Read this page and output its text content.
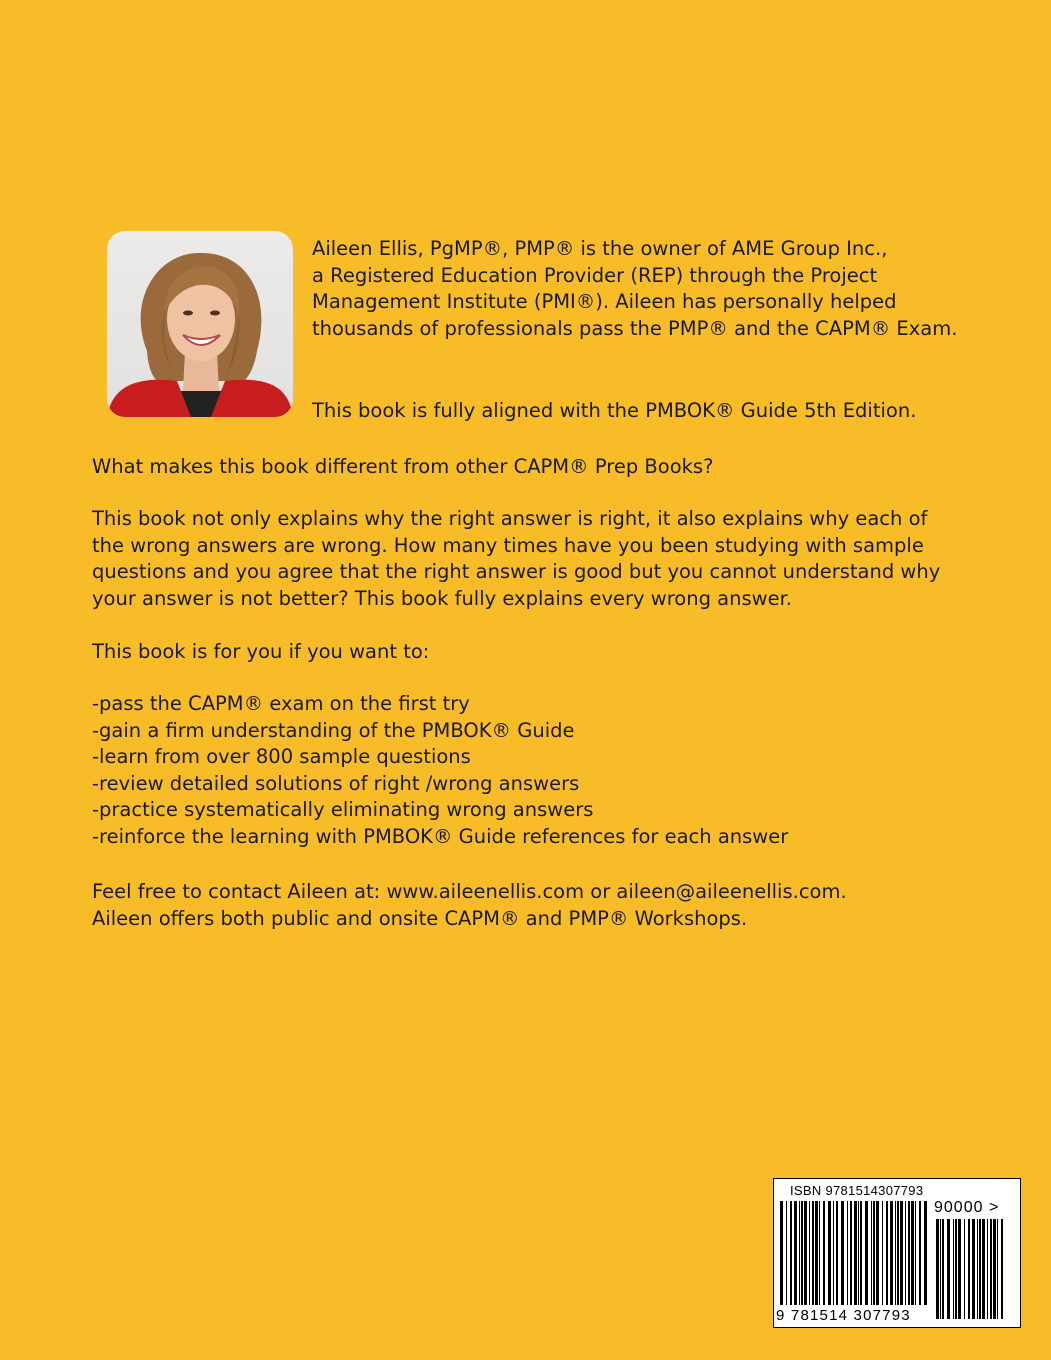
Aileen Ellis, PgMP®, PMP® is the owner of AME Group Inc.,
a Registered Education Provider (REP) through the Project
Management Institute (PMI®). Aileen has personally helped
thousands of professionals pass the PMP® and the CAPM® Exam.

This book is fully aligned with the PMBOK® Guide 5th Edition.

What makes this book different from other CAPM® Prep Books?

This book not only explains why the right answer is right, it also explains why each of
the wrong answers are wrong. How many times have you been studying with sample
questions and you agree that the right answer is good but you cannot understand why
your answer is not better? This book fully explains every wrong answer.

This book is for you if you want to:

-pass the CAPM® exam on the first try
-gain a firm understanding of the PMBOK® Guide
-learn from over 800 sample questions
-review detailed solutions of right /wrong answers
-practice systematically eliminating wrong answers
-reinforce the learning with PMBOK® Guide references for each answer

Feel free to contact Aileen at: www.aileenellis.com or aileen@aileenellis.com.
Aileen offers both public and onsite CAPM® and PMP® Workshops.

ISBN 9781514307793
9 781514 307793
90000 >
